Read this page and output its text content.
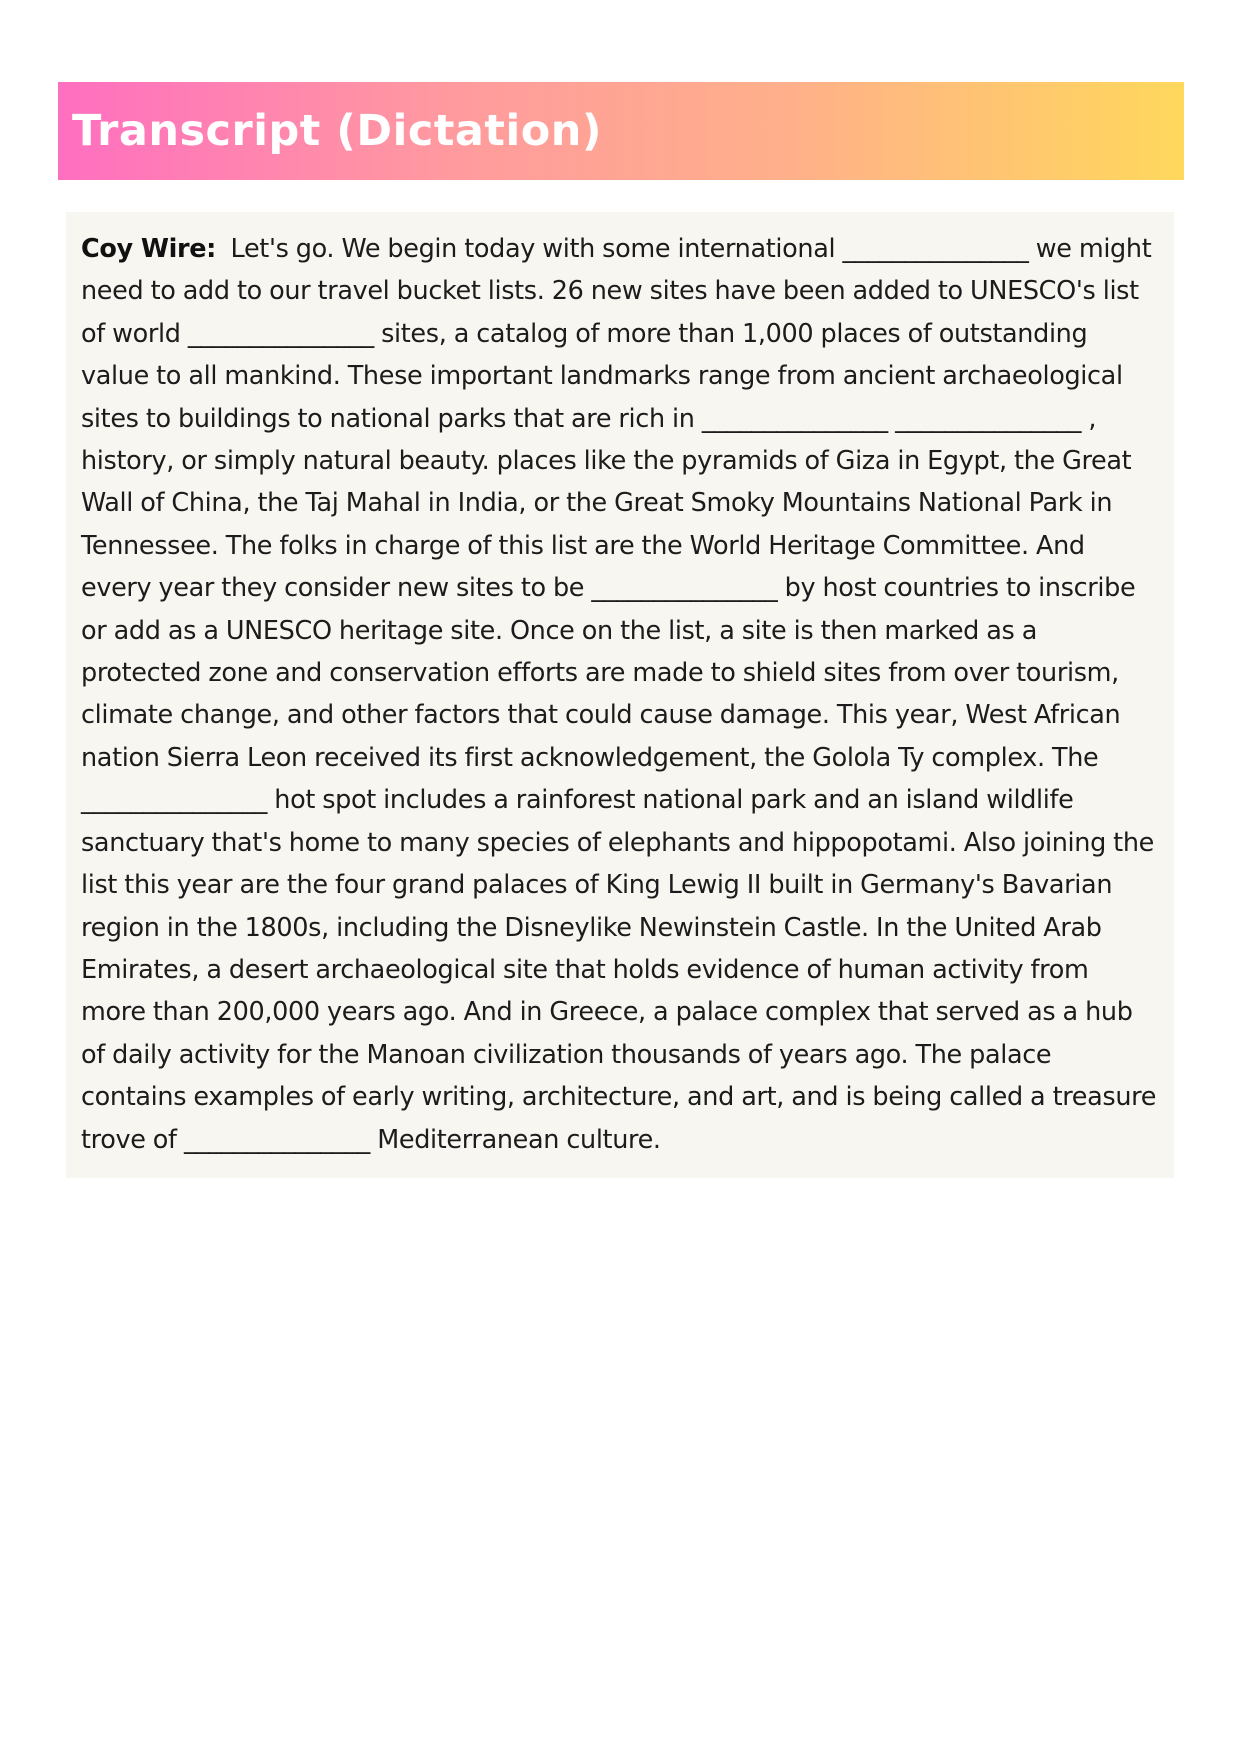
Transcript (Dictation)

Coy Wire: Let's go. We begin today with some international _______________ we might need to add to our travel bucket lists. 26 new sites have been added to UNESCO's list of world _______________ sites, a catalog of more than 1,000 places of outstanding value to all mankind. These important landmarks range from ancient archaeological sites to buildings to national parks that are rich in _______________ _______________ , history, or simply natural beauty. places like the pyramids of Giza in Egypt, the Great Wall of China, the Taj Mahal in India, or the Great Smoky Mountains National Park in Tennessee. The folks in charge of this list are the World Heritage Committee. And every year they consider new sites to be _______________ by host countries to inscribe or add as a UNESCO heritage site. Once on the list, a site is then marked as a protected zone and conservation efforts are made to shield sites from over tourism, climate change, and other factors that could cause damage. This year, West African nation Sierra Leon received its first acknowledgement, the Golola Ty complex. The _______________ hot spot includes a rainforest national park and an island wildlife sanctuary that's home to many species of elephants and hippopotami. Also joining the list this year are the four grand palaces of King Lewig II built in Germany's Bavarian region in the 1800s, including the Disneylike Newinstein Castle. In the United Arab Emirates, a desert archaeological site that holds evidence of human activity from more than 200,000 years ago. And in Greece, a palace complex that served as a hub of daily activity for the Manoan civilization thousands of years ago. The palace contains examples of early writing, architecture, and art, and is being called a treasure trove of _______________ Mediterranean culture.
